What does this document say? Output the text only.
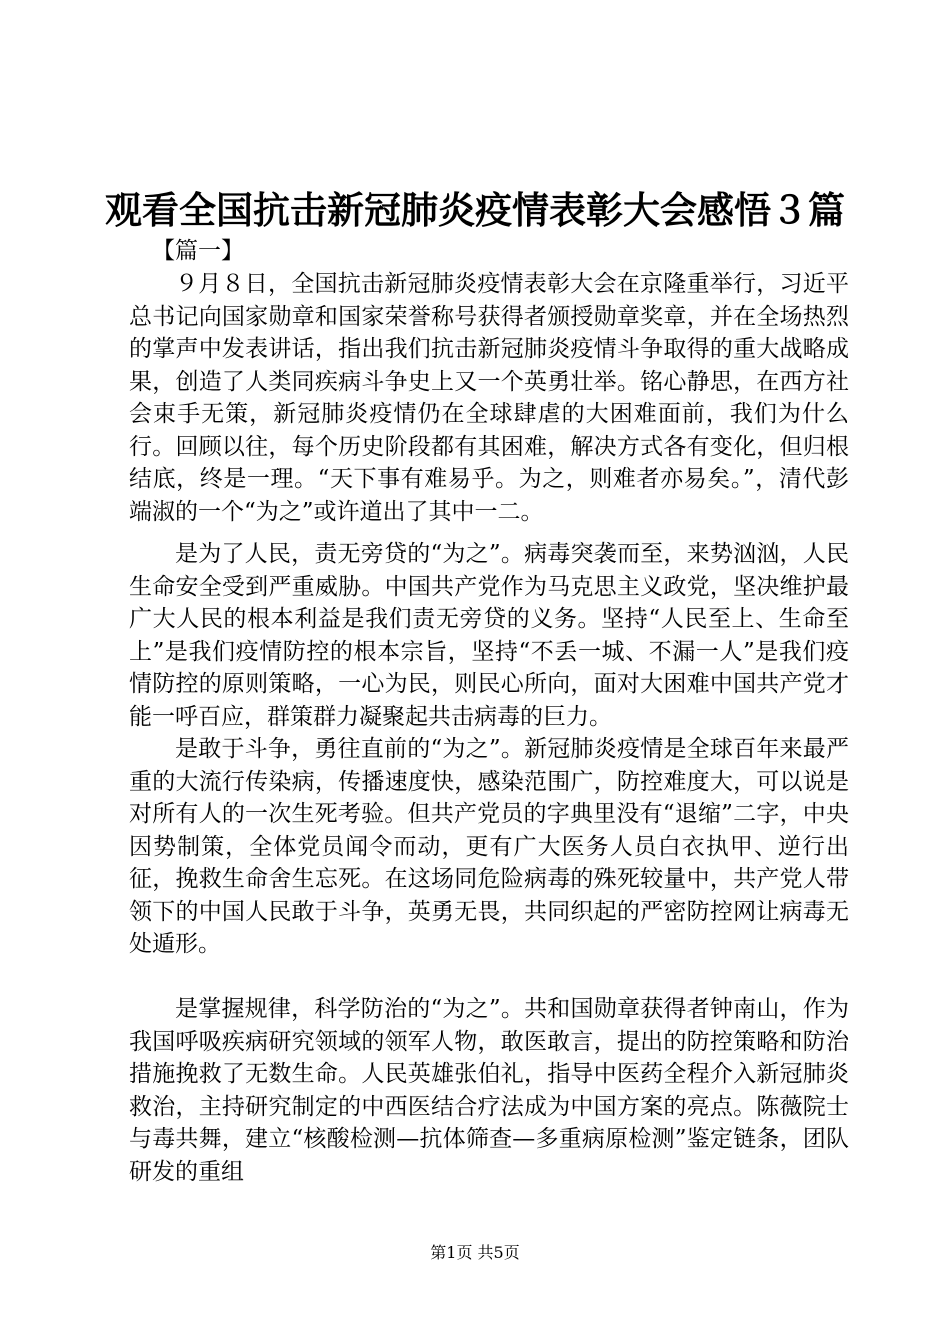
观看全国抗击新冠肺炎疫情表彰大会感悟３篇
【篇一】

９月８日，全国抗击新冠肺炎疫情表彰大会在京隆重举行，习近平总书记向国家勋章和国家荣誉称号获得者颁授勋章奖章，并在全场热烈的掌声中发表讲话，指出我们抗击新冠肺炎疫情斗争取得的重大战略成果，创造了人类同疾病斗争史上又一个英勇壮举。铭心静思，在西方社会束手无策，新冠肺炎疫情仍在全球肆虐的大困难面前，我们为什么行。回顾以往，每个历史阶段都有其困难，解决方式各有变化，但归根结底，终是一理。“天下事有难易乎。为之，则难者亦易矣。”，清代彭端淑的一个“为之”或许道出了其中一二。

是为了人民，责无旁贷的“为之”。病毒突袭而至，来势汹汹，人民生命安全受到严重威胁。中国共产党作为马克思主义政党，坚决维护最广大人民的根本利益是我们责无旁贷的义务。坚持“人民至上、生命至上”是我们疫情防控的根本宗旨，坚持“不丢一城、不漏一人”是我们疫情防控的原则策略，一心为民，则民心所向，面对大困难中国共产党才能一呼百应，群策群力凝聚起共击病毒的巨力。

是敢于斗争，勇往直前的“为之”。新冠肺炎疫情是全球百年来最严重的大流行传染病，传播速度快，感染范围广，防控难度大，可以说是对所有人的一次生死考验。但共产党员的字典里没有“退缩”二字，中央因势制策，全体党员闻令而动，更有广大医务人员白衣执甲、逆行出征，挽救生命舍生忘死。在这场同危险病毒的殊死较量中，共产党人带领下的中国人民敢于斗争，英勇无畏，共同织起的严密防控网让病毒无处遁形。

是掌握规律，科学防治的“为之”。共和国勋章获得者钟南山，作为我国呼吸疾病研究领域的领军人物，敢医敢言，提出的防控策略和防治措施挽救了无数生命。人民英雄张伯礼，指导中医药全程介入新冠肺炎救治，主持研究制定的中西医结合疗法成为中国方案的亮点。陈薇院士与毒共舞，建立“核酸检测—抗体筛查—多重病原检测”鉴定链条，团队研发的重组

第1页 共5页
